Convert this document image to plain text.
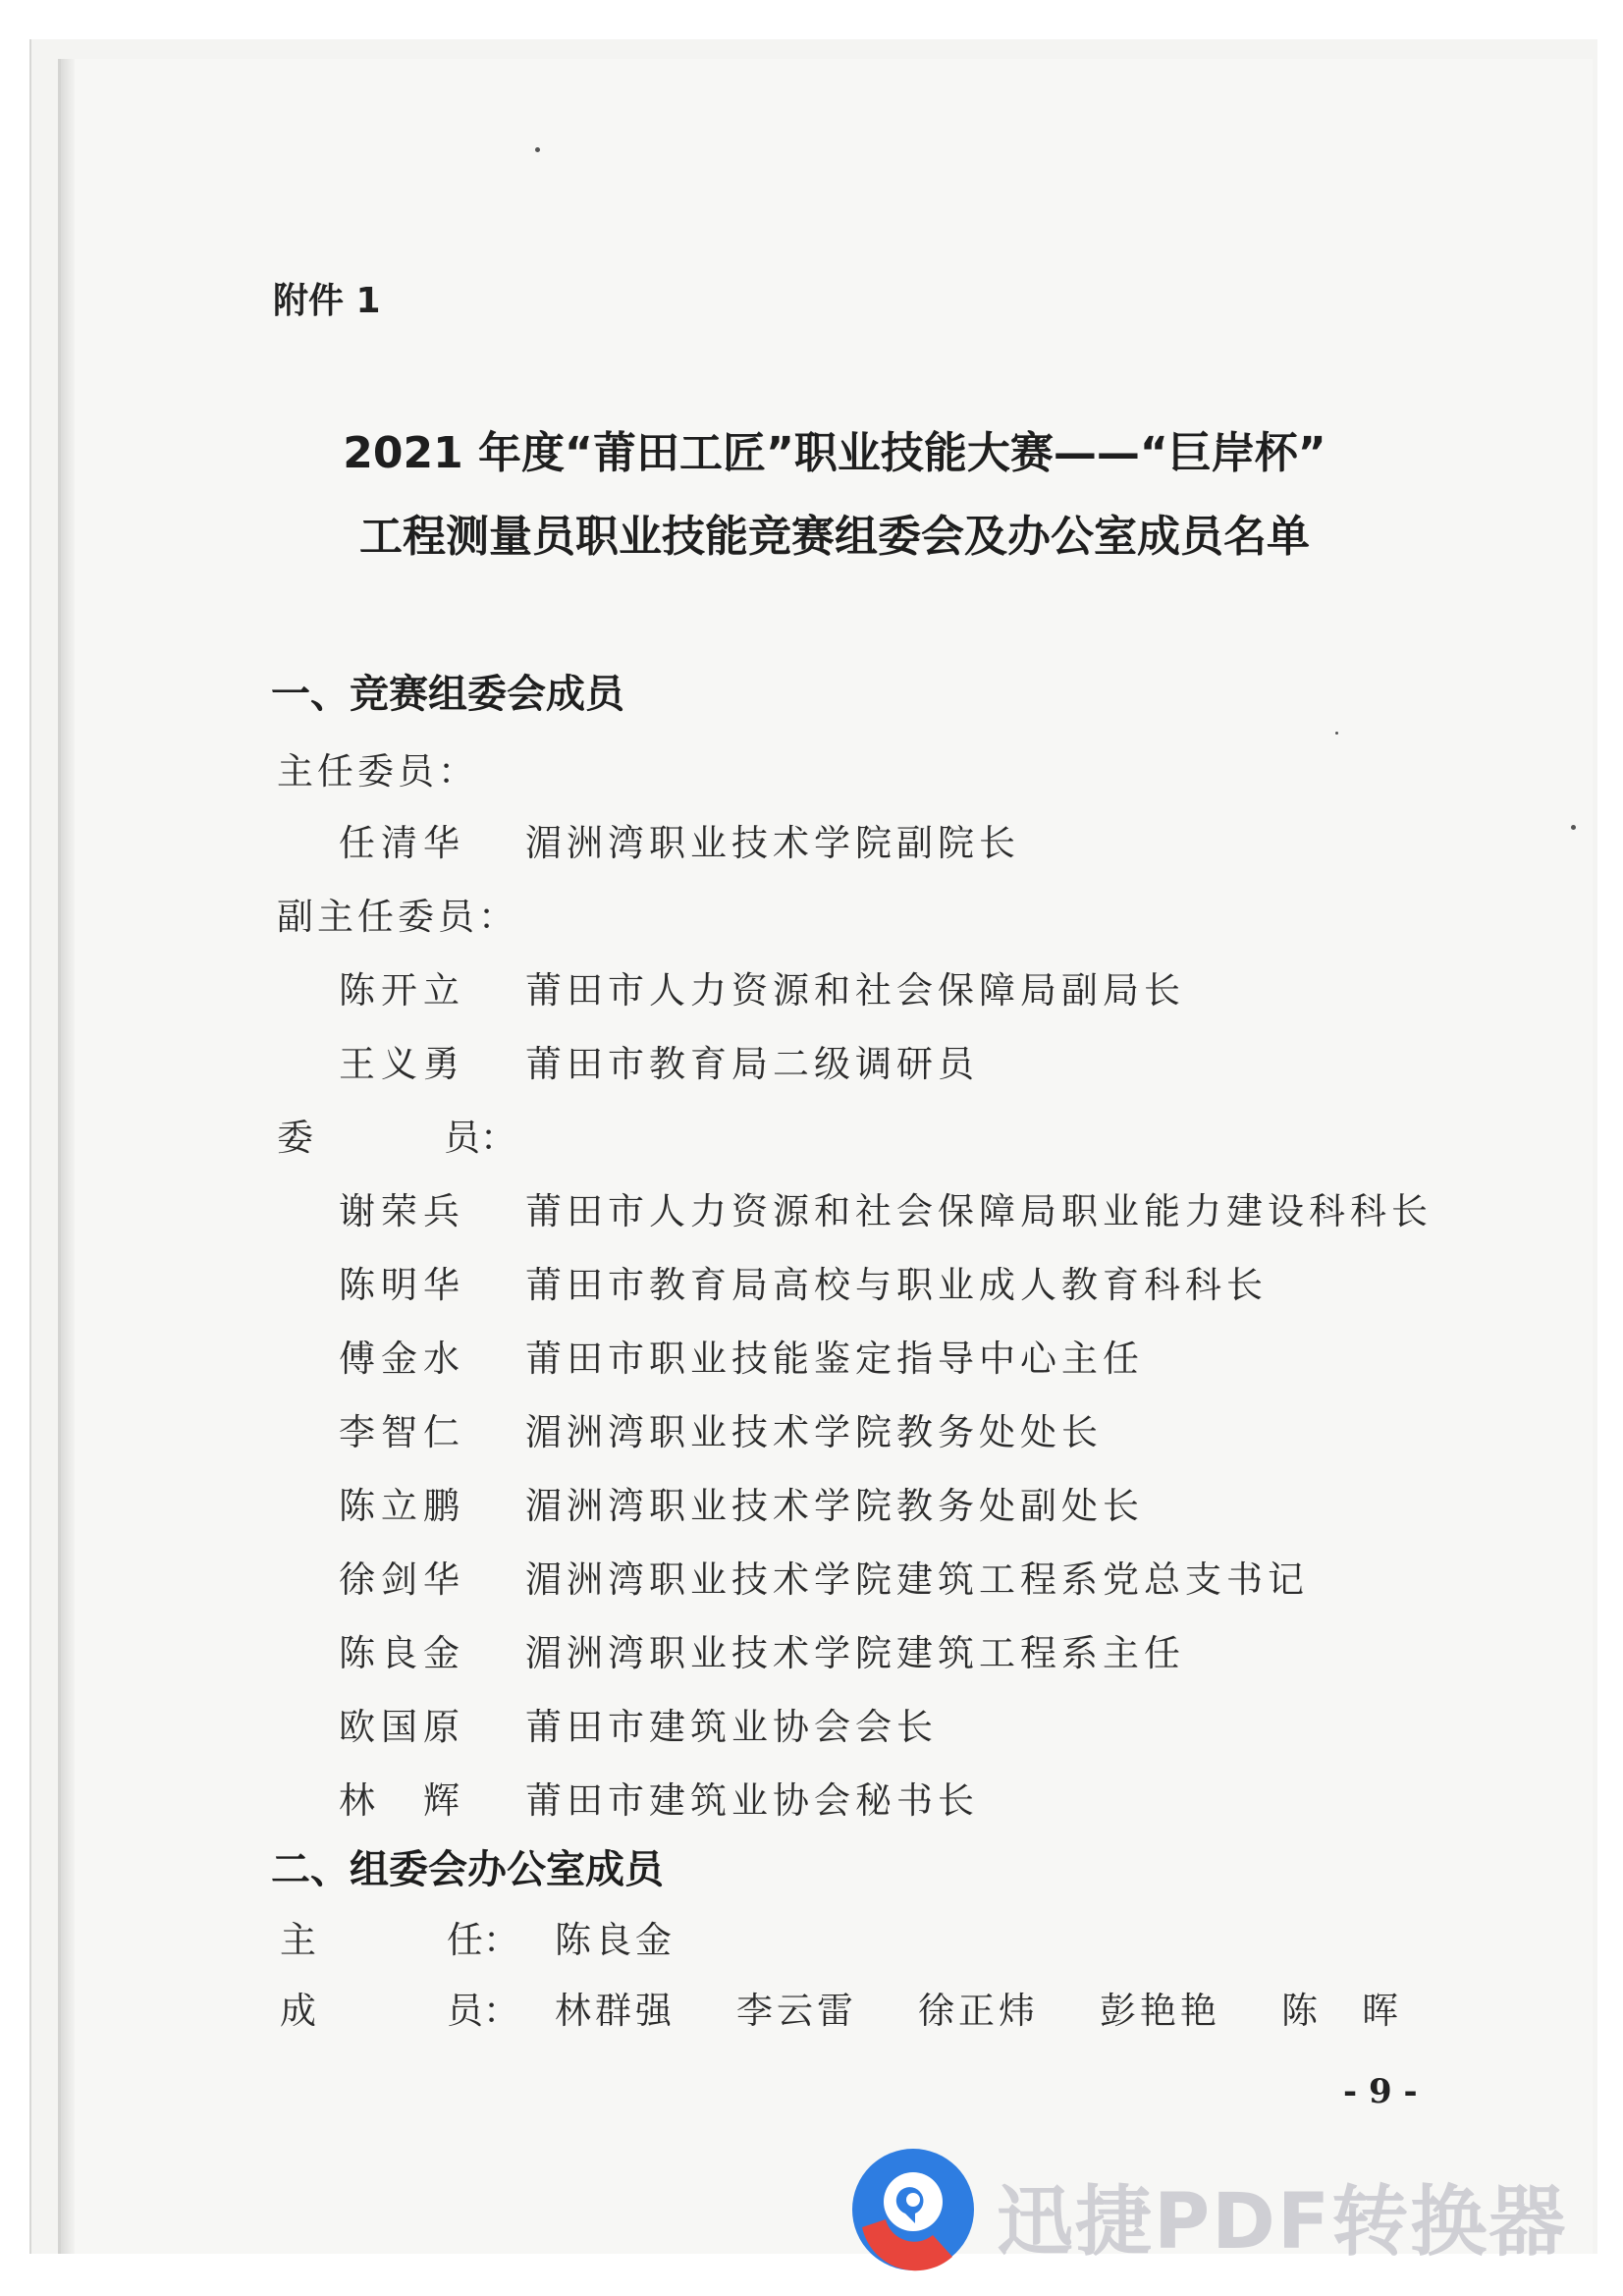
附件 1
2021 年度“莆田工匠”职业技能大赛——“巨岸杯”
工程测量员职业技能竞赛组委会及办公室成员名单
一、竞赛组委会成员
主任委员：
任清华 湄洲湾职业技术学院副院长
副主任委员：
陈开立 莆田市人力资源和社会保障局副局长
王义勇 莆田市教育局二级调研员
委	员：
谢荣兵 莆田市人力资源和社会保障局职业能力建设科科长
陈明华 莆田市教育局高校与职业成人教育科科长
傅金水 莆田市职业技能鉴定指导中心主任
李智仁 湄洲湾职业技术学院教务处处长
陈立鹏 湄洲湾职业技术学院教务处副处长
徐剑华 湄洲湾职业技术学院建筑工程系党总支书记
陈良金 湄洲湾职业技术学院建筑工程系主任
欧国原 莆田市建筑业协会会长
林　辉 莆田市建筑业协会秘书长
二、组委会办公室成员
主	任： 陈良金
成	员： 林群强 李云雷 徐正炜 彭艳艳 陈　晖
- 9 -
迅捷PDF转换器
